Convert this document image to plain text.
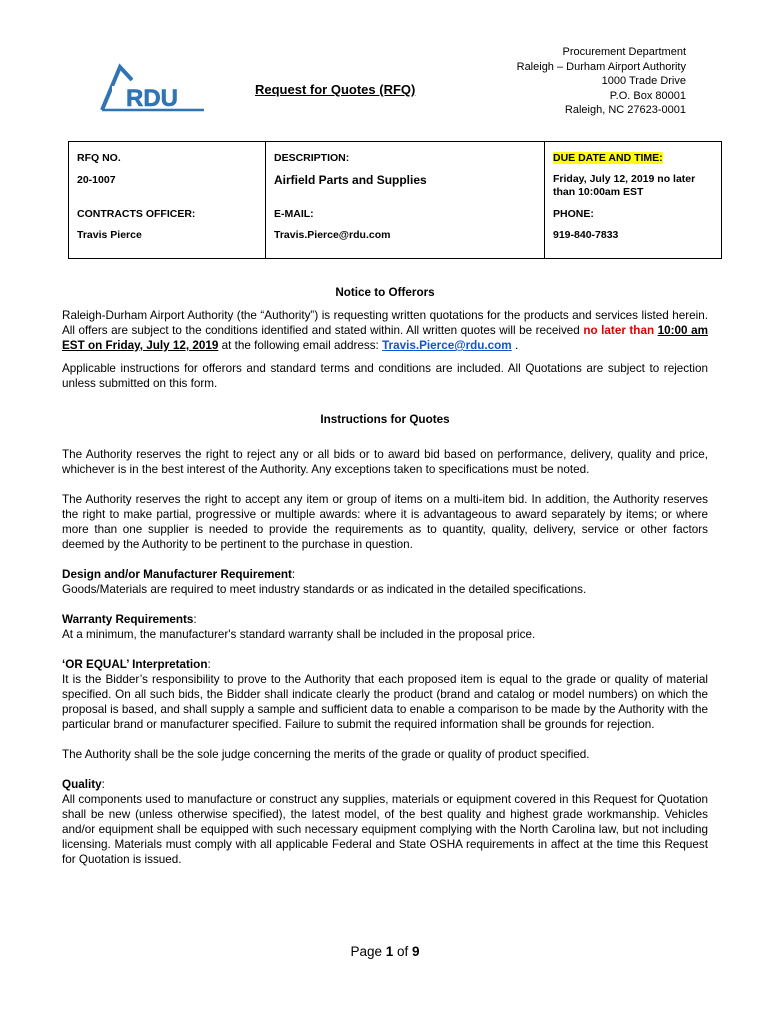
RDU	Request for Quotes (RFQ)
Procurement Department
Raleigh – Durham Airport Authority
1000 Trade Drive
P.O. Box 80001
Raleigh, NC 27623-0001
RFQ NO.
20-1007
CONTRACTS OFFICER:
Travis Pierce
DESCRIPTION:
Airfield Parts and Supplies
E-MAIL:
Travis.Pierce@rdu.com
DUE DATE AND TIME:
Friday, July 12, 2019 no later
than 10:00am EST
PHONE:
919-840-7833

Notice to Offerors

Raleigh-Durham Airport Authority (the “Authority”) is requesting written quotations for the products and services listed herein. All offers are subject to the conditions identified and stated within. All written quotes will be received no later than 10:00 am EST on Friday, July 12, 2019 at the following email address: Travis.Pierce@rdu.com .

Applicable instructions for offerors and standard terms and conditions are included. All Quotations are subject to rejection unless submitted on this form.

Instructions for Quotes

The Authority reserves the right to reject any or all bids or to award bid based on performance, delivery, quality and price, whichever is in the best interest of the Authority. Any exceptions taken to specifications must be noted.

The Authority reserves the right to accept any item or group of items on a multi-item bid. In addition, the Authority reserves the right to make partial, progressive or multiple awards: where it is advantageous to award separately by items; or where more than one supplier is needed to provide the requirements as to quantity, quality, delivery, service or other factors deemed by the Authority to be pertinent to the purchase in question.

Design and/or Manufacturer Requirement:

Goods/Materials are required to meet industry standards or as indicated in the detailed specifications.

Warranty Requirements:

At a minimum, the manufacturer's standard warranty shall be included in the proposal price.

‘OR EQUAL’ Interpretation:

It is the Bidder’s responsibility to prove to the Authority that each proposed item is equal to the grade or quality of material specified. On all such bids, the Bidder shall indicate clearly the product (brand and catalog or model numbers) on which the proposal is based, and shall supply a sample and sufficient data to enable a comparison to be made by the Authority with the particular brand or manufacturer specified. Failure to submit the required information shall be grounds for rejection.

The Authority shall be the sole judge concerning the merits of the grade or quality of product specified.

Quality:

All components used to manufacture or construct any supplies, materials or equipment covered in this Request for Quotation shall be new (unless otherwise specified), the latest model, of the best quality and highest grade workmanship. Vehicles and/or equipment shall be equipped with such necessary equipment complying with the North Carolina law, but not including licensing. Materials must comply with all applicable Federal and State OSHA requirements in affect at the time this Request for Quotation is issued.

Page 1 of 9
